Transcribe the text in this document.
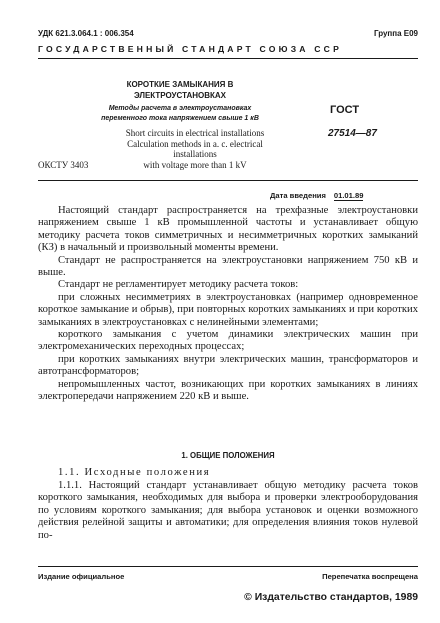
УДК 621.3.064.1 : 006.354	Группа Е09
ГОСУДАРСТВЕННЫЙ СТАНДАРТ СОЮЗА ССР
КОРОТКИЕ ЗАМЫКАНИЯ В
ЭЛЕКТРОУСТАНОВКАХ
Методы расчета в электроустановках
переменного тока напряжением свыше 1 кВ
ГОСТ
27514—87
Short circuits in electrical installations
Calculation methods in a. c. electrical installations
with voltage more than 1 kV
ОКСТУ 3403
Дата введения 01.01.89

Настоящий стандарт распространяется на трехфазные электроустановки напряжением свыше 1 кВ промышленной частоты и устанавливает общую методику расчета токов симметричных и несимметричных коротких замыканий (КЗ) в начальный и произвольный моменты времени.

Стандарт не распространяется на электроустановки напряжением 750 кВ и выше.

Стандарт не регламентирует методику расчета токов:

при сложных несимметриях в электроустановках (например одновременное короткое замыкание и обрыв), при повторных коротких замыканиях и при коротких замыканиях в электроустановках с нелинейными элементами;

короткого замыкания с учетом динамики электрических машин при электромеханических переходных процессах;

при коротких замыканиях внутри электрических машин, трансформаторов и автотрансформаторов;

непромышленных частот, возникающих при коротких замыканиях в линиях электропередачи напряжением 220 кВ и выше.

1. ОБЩИЕ ПОЛОЖЕНИЯ
1.1. Исходные положения

1.1.1. Настоящий стандарт устанавливает общую методику расчета токов короткого замыкания, необходимых для выбора и проверки электрооборудования по условиям короткого замыкания; для выбора установок и оценки возможного действия релейной защиты и автоматики; для определения влияния токов нулевой по-

Издание официальное	Перепечатка воспрещена
© Издательство стандартов, 1989
